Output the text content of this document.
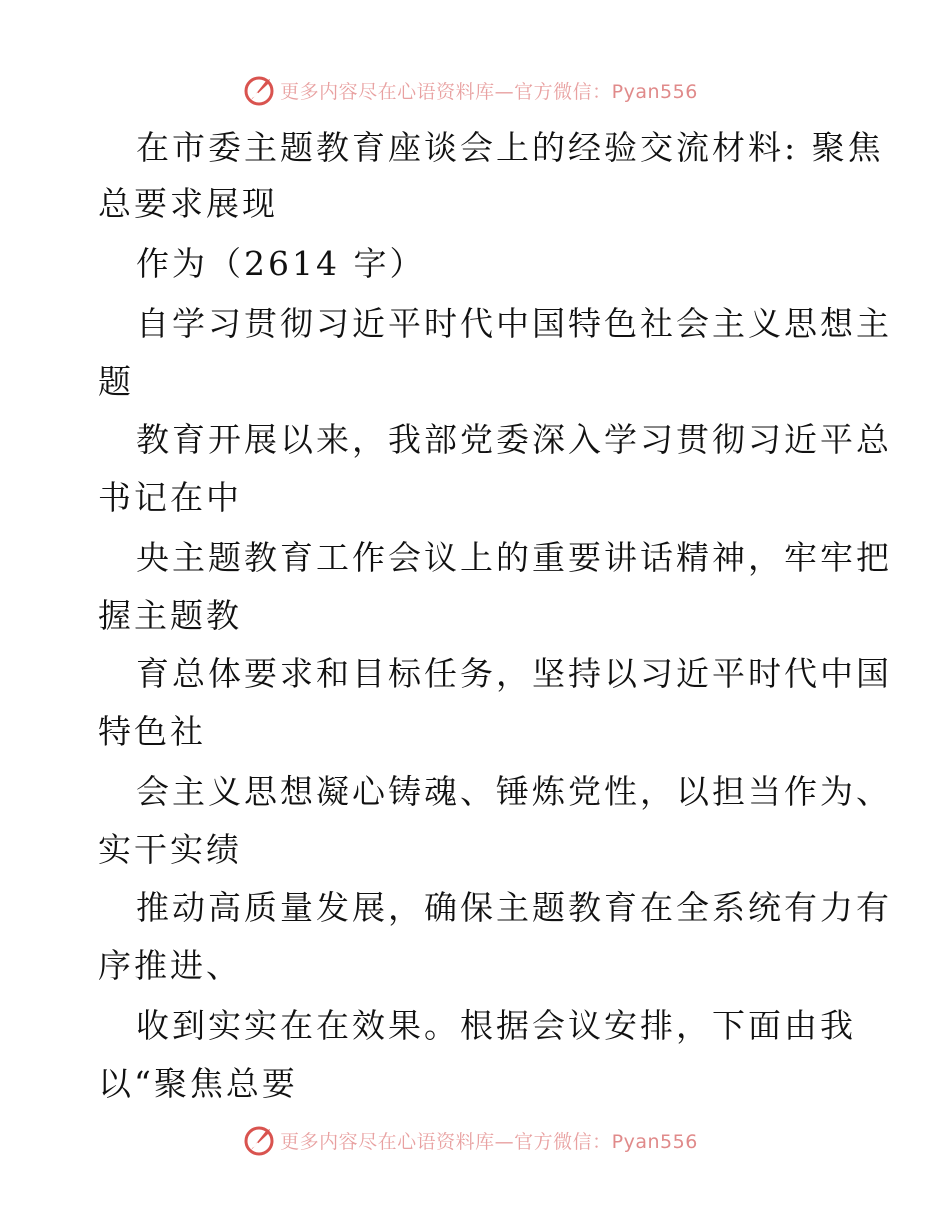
更多内容尽在心语资料库—官方微信：Pyan556
在市委主题教育座谈会上的经验交流材料: 聚焦
总要求展现
作为（2614 字）
自学习贯彻习近平时代中国特色社会主义思想主
题
教育开展以来，我部党委深入学习贯彻习近平总
书记在中
央主题教育工作会议上的重要讲话精神，牢牢把
握主题教
育总体要求和目标任务，坚持以习近平时代中国
特色社
会主义思想凝心铸魂、锤炼党性，以担当作为、
实干实绩
推动高质量发展，确保主题教育在全系统有力有
序推进、
收到实实在在效果。根据会议安排，下面由我
以“聚焦总要
更多内容尽在心语资料库—官方微信：Pyan556
